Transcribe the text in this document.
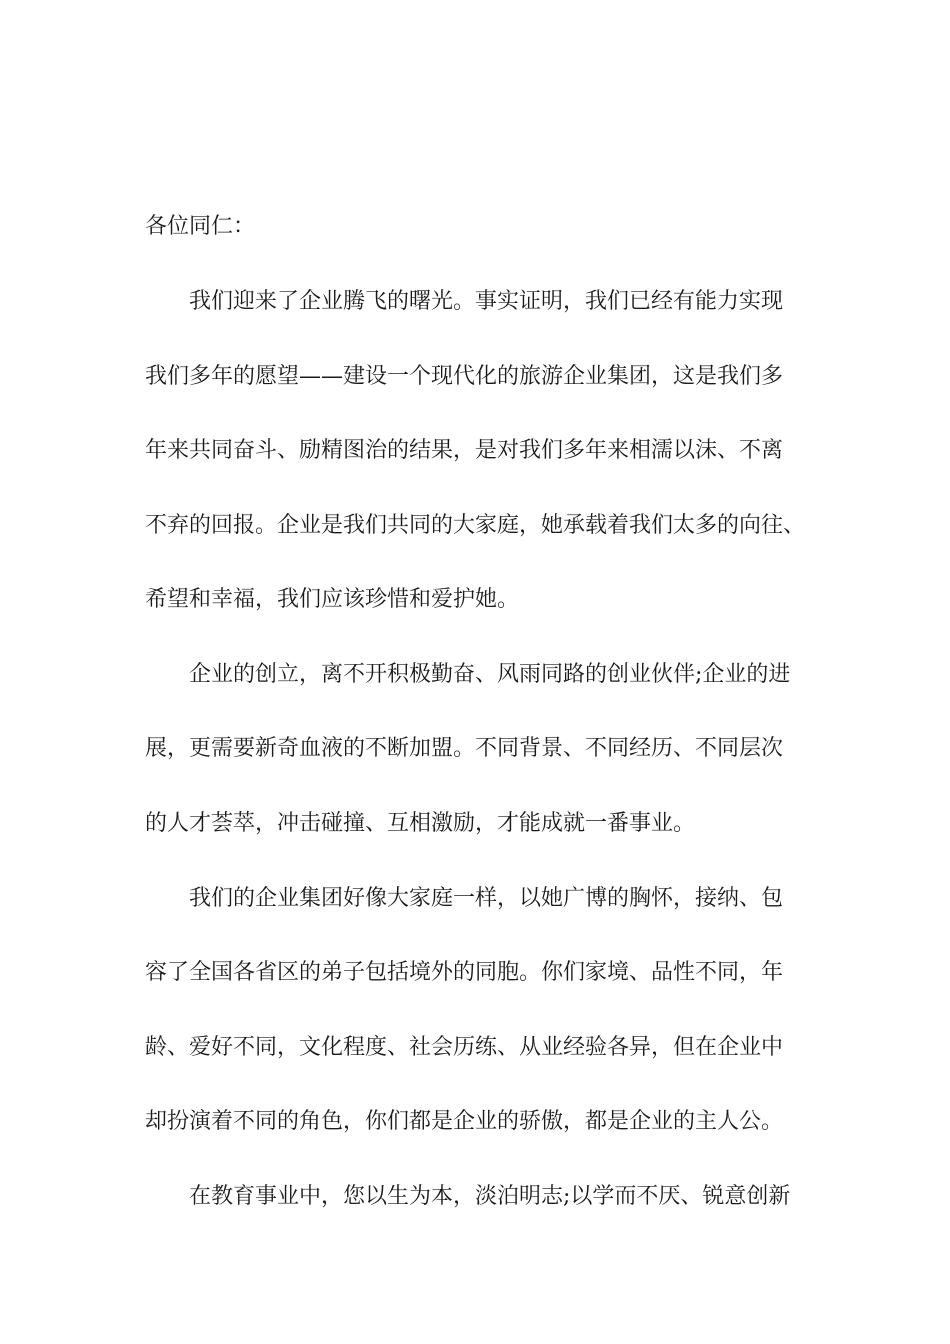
各位同仁：
我们迎来了企业腾飞的曙光。事实证明，我们已经有能力实现
我们多年的愿望——建设一个现代化的旅游企业集团，这是我们多
年来共同奋斗、励精图治的结果，是对我们多年来相濡以沫、不离
不弃的回报。企业是我们共同的大家庭，她承载着我们太多的向往、
希望和幸福，我们应该珍惜和爱护她。
企业的创立，离不开积极勤奋、风雨同路的创业伙伴;企业的进
展，更需要新奇血液的不断加盟。不同背景、不同经历、不同层次
的人才荟萃，冲击碰撞、互相激励，才能成就一番事业。
我们的企业集团好像大家庭一样，以她广博的胸怀，接纳、包
容了全国各省区的弟子包括境外的同胞。你们家境、品性不同，年
龄、爱好不同，文化程度、社会历练、从业经验各异，但在企业中
却扮演着不同的角色，你们都是企业的骄傲，都是企业的主人公。
在教育事业中，您以生为本，淡泊明志;以学而不厌、锐意创新
